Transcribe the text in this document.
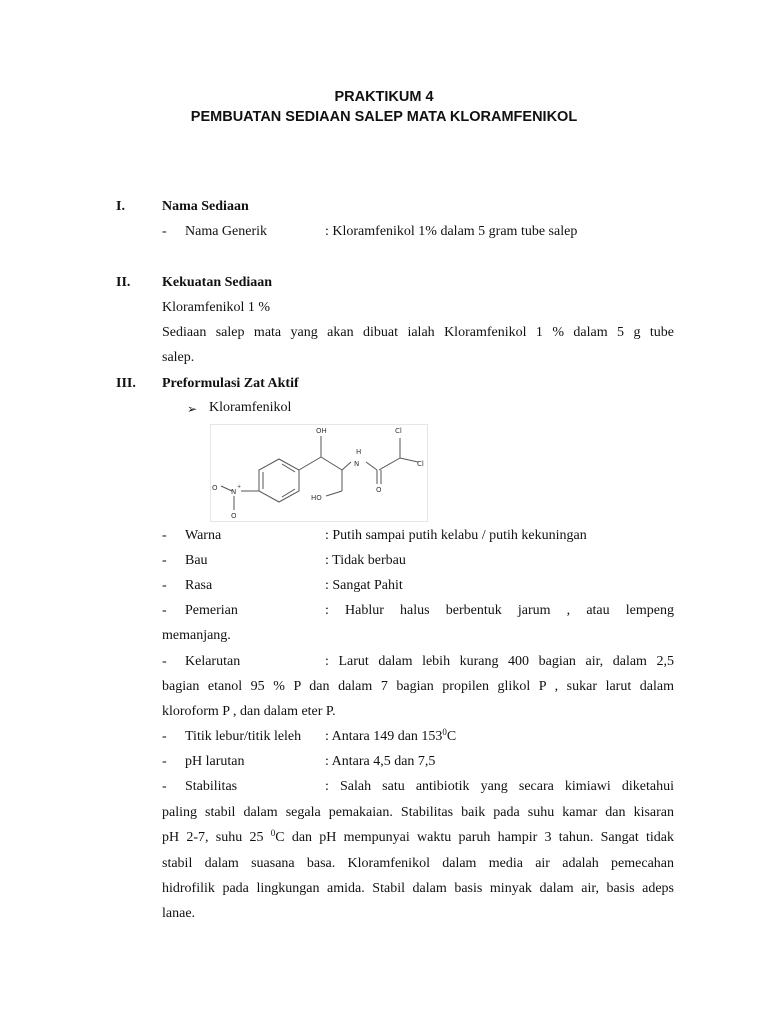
PRAKTIKUM 4
PEMBUATAN SEDIAAN SALEP MATA KLORAMFENIKOL
I.	Nama Sediaan
- Nama Generik	: Kloramfenikol 1% dalam 5 gram tube salep
II. Kekuatan Sediaan
Kloramfenikol 1 %
Sediaan salep mata yang akan dibuat ialah Kloramfenikol 1 % dalam 5 g tube
salep.
III. Preformulasi Zat Aktif
➢ Kloramfenikol
OH
H
N
Cl
Cl
HO
O
O N
+
O
- Warna	: Putih sampai putih kelabu / putih kekuningan
- Bau	: Tidak berbau
- Rasa	: Sangat Pahit
- Pemerian	: Hablur halus berbentuk jarum , atau lempeng
memanjang.
- Kelarutan	: Larut dalam lebih kurang 400 bagian air, dalam 2,5
bagian etanol 95 % P dan dalam 7 bagian propilen glikol P , sukar larut dalam
kloroform P , dan dalam eter P.
- Titik lebur/titik leleh : Antara 149 dan $153^0C$
- pH larutan	: Antara 4,5 dan 7,5
- Stabilitas	: Salah satu antibiotik yang secara kimiawi diketahui
paling stabil dalam segala pemakaian. Stabilitas baik pada suhu kamar dan kisaran
pH 2-7, suhu 25 $^0$C dan pH mempunyai waktu paruh hampir 3 tahun. Sangat tidak
stabil dalam suasana basa. Kloramfenikol dalam media air adalah pemecahan
hidrofilik pada lingkungan amida. Stabil dalam basis minyak dalam air, basis adeps
lanae.
